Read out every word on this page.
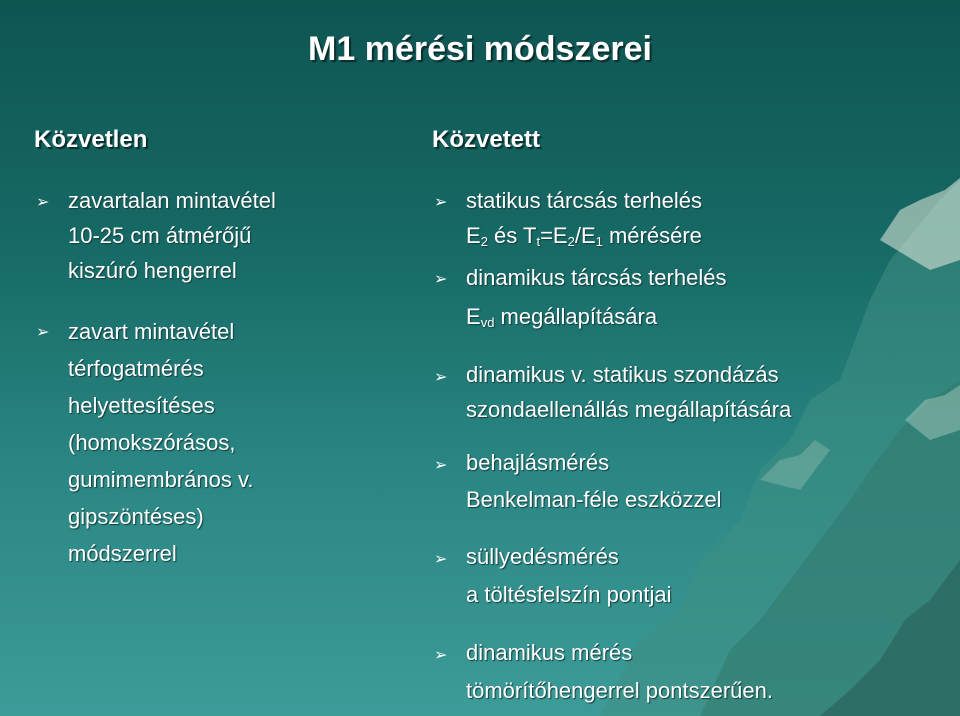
M1 mérési módszerei
Közvetlen
➢ zavartalan mintavétel
10-25 cm átmérőjű
kiszúró hengerrel
➢ zavart mintavétel
térfogatmérés
helyettesítéses
(homokszórásos,
gumimembrános v.
gipszöntéses)
módszerrel
Közvetett
➢ statikus tárcsás terhelés
$E_2$ és $T_t=E_2/E_1$ mérésére
➢ dinamikus tárcsás terhelés
$E_{vd}$ megállapítására
➢ dinamikus v. statikus szondázás
szondaellenállás megállapítására
➢ behajlásmérés
Benkelman-féle eszközzel
➢ süllyedésmérés
a töltésfelszín pontjai
➢ dinamikus mérés
tömörítőhengerrel pontszerűen.
